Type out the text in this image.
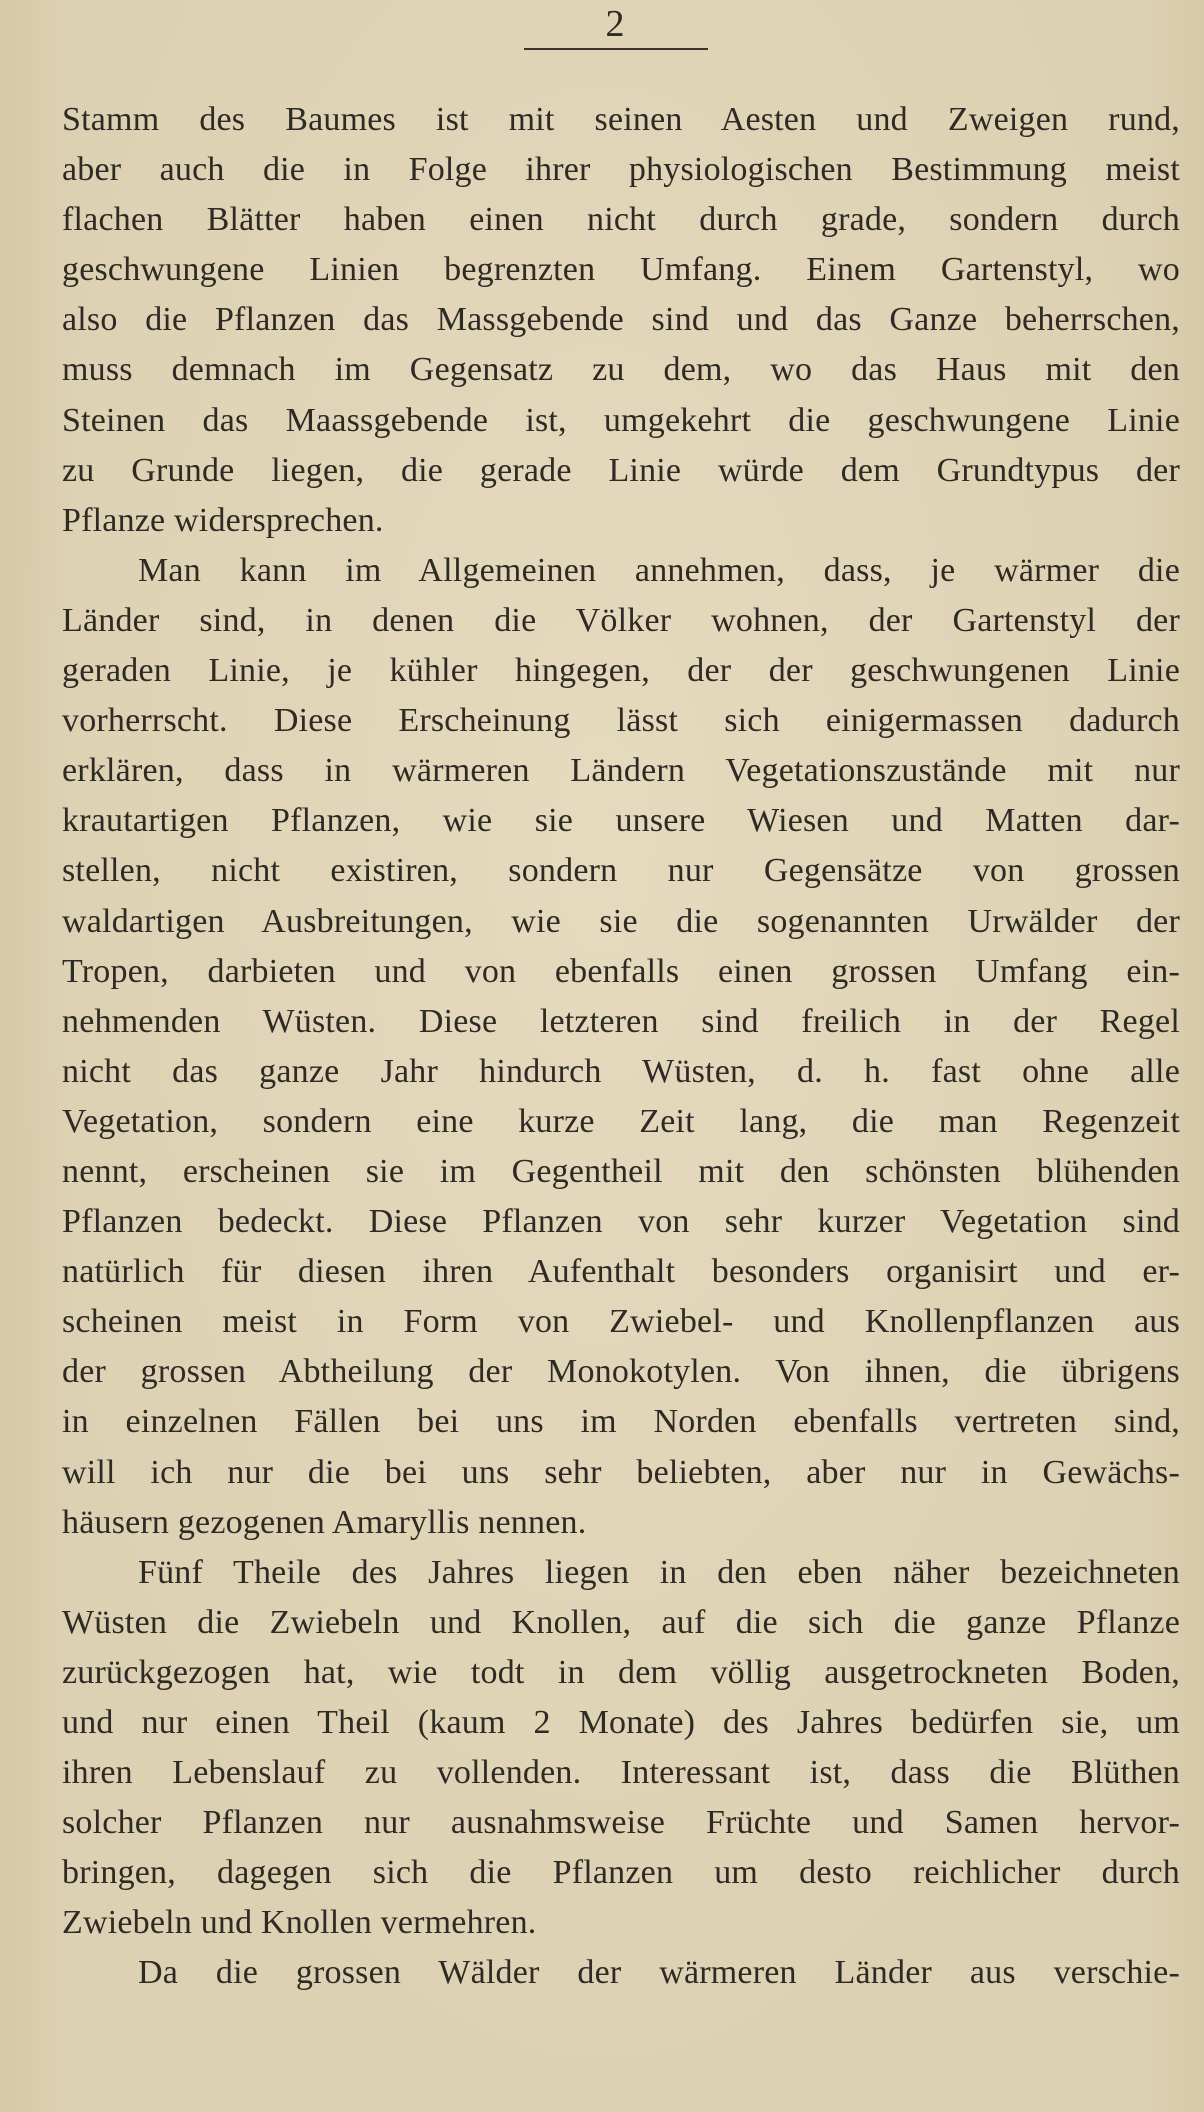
2
Stamm des Baumes ist mit seinen Aesten und Zweigen rund,
aber auch die in Folge ihrer physiologischen Bestimmung meist
flachen Blätter haben einen nicht durch grade, sondern durch
geschwungene Linien begrenzten Umfang. Einem Gartenstyl, wo
also die Pflanzen das Massgebende sind und das Ganze beherrschen,
muss demnach im Gegensatz zu dem, wo das Haus mit den
Steinen das Maassgebende ist, umgekehrt die geschwungene Linie
zu Grunde liegen, die gerade Linie würde dem Grundtypus der
Pflanze widersprechen.
Man kann im Allgemeinen annehmen, dass, je wärmer die
Länder sind, in denen die Völker wohnen, der Gartenstyl der
geraden Linie, je kühler hingegen, der der geschwungenen Linie
vorherrscht. Diese Erscheinung lässt sich einigermassen dadurch
erklären, dass in wärmeren Ländern Vegetationszustände mit nur
krautartigen Pflanzen, wie sie unsere Wiesen und Matten dar-
stellen, nicht existiren, sondern nur Gegensätze von grossen
waldartigen Ausbreitungen, wie sie die sogenannten Urwälder der
Tropen, darbieten und von ebenfalls einen grossen Umfang ein-
nehmenden Wüsten. Diese letzteren sind freilich in der Regel
nicht das ganze Jahr hindurch Wüsten, d. h. fast ohne alle
Vegetation, sondern eine kurze Zeit lang, die man Regenzeit
nennt, erscheinen sie im Gegentheil mit den schönsten blühenden
Pflanzen bedeckt. Diese Pflanzen von sehr kurzer Vegetation sind
natürlich für diesen ihren Aufenthalt besonders organisirt und er-
scheinen meist in Form von Zwiebel- und Knollenpflanzen aus
der grossen Abtheilung der Monokotylen. Von ihnen, die übrigens
in einzelnen Fällen bei uns im Norden ebenfalls vertreten sind,
will ich nur die bei uns sehr beliebten, aber nur in Gewächs-
häusern gezogenen Amaryllis nennen.
Fünf Theile des Jahres liegen in den eben näher bezeichneten
Wüsten die Zwiebeln und Knollen, auf die sich die ganze Pflanze
zurückgezogen hat, wie todt in dem völlig ausgetrockneten Boden,
und nur einen Theil (kaum 2 Monate) des Jahres bedürfen sie, um
ihren Lebenslauf zu vollenden. Interessant ist, dass die Blüthen
solcher Pflanzen nur ausnahmsweise Früchte und Samen hervor-
bringen, dagegen sich die Pflanzen um desto reichlicher durch
Zwiebeln und Knollen vermehren.
Da die grossen Wälder der wärmeren Länder aus verschie-
